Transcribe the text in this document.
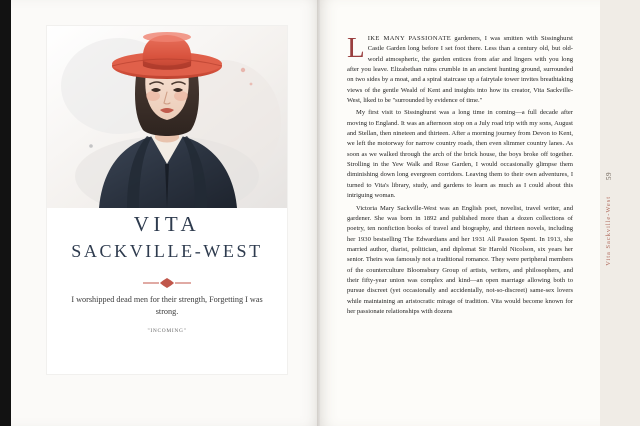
VITA
SACKVILLE-WEST
I worshipped dead men for their strength, Forgetting I was strong.
"INCOMING"

LIKE MANY PASSIONATE gardeners, I was smitten with Sissinghurst Castle Garden long before I set foot there. Less than a century old, but old-world atmospheric, the garden entices from afar and lingers with you long after you leave. Elizabethan ruins crumble in an ancient hunting ground, surrounded on two sides by a moat, and a spiral staircase up a fairytale tower invites breathtaking views of the gentle Weald of Kent and insights into how its creator, Vita Sackville-West, liked to be "surrounded by evidence of time."

My first visit to Sissinghurst was a long time in coming—a full decade after moving to England. It was an afternoon stop on a July road trip with my sons, August and Stellan, then nineteen and thirteen. After a morning journey from Devon to Kent, we left the motorway for narrow country roads, then even slimmer country lanes. As soon as we walked through the arch of the brick house, the boys broke off together. Strolling in the Yew Walk and Rose Garden, I would occasionally glimpse them diminishing down long evergreen corridors. Leaving them to their own adventures, I turned to Vita's library, study, and gardens to learn as much as I could about this intriguing woman.

Victoria Mary Sackville-West was an English poet, novelist, travel writer, and gardener. She was born in 1892 and published more than a dozen collections of poetry, ten nonfiction books of travel and biography, and thirteen novels, including her 1930 bestselling The Edwardians and her 1931 All Passion Spent. In 1913, she married author, diarist, politician, and diplomat Sir Harold Nicolson, six years her senior. Theirs was famously not a traditional romance. They were peripheral members of the counterculture Bloomsbury Group of artists, writers, and philosophers, and their fifty-year union was complex and kind—an open marriage allowing both to pursue discreet (yet occasionally and accidentally, not-so-discreet) same-sex lovers while maintaining an aristocratic mirage of tradition. Vita would become known for her passionate relationships with dozens

59
Vita Sackville-West
